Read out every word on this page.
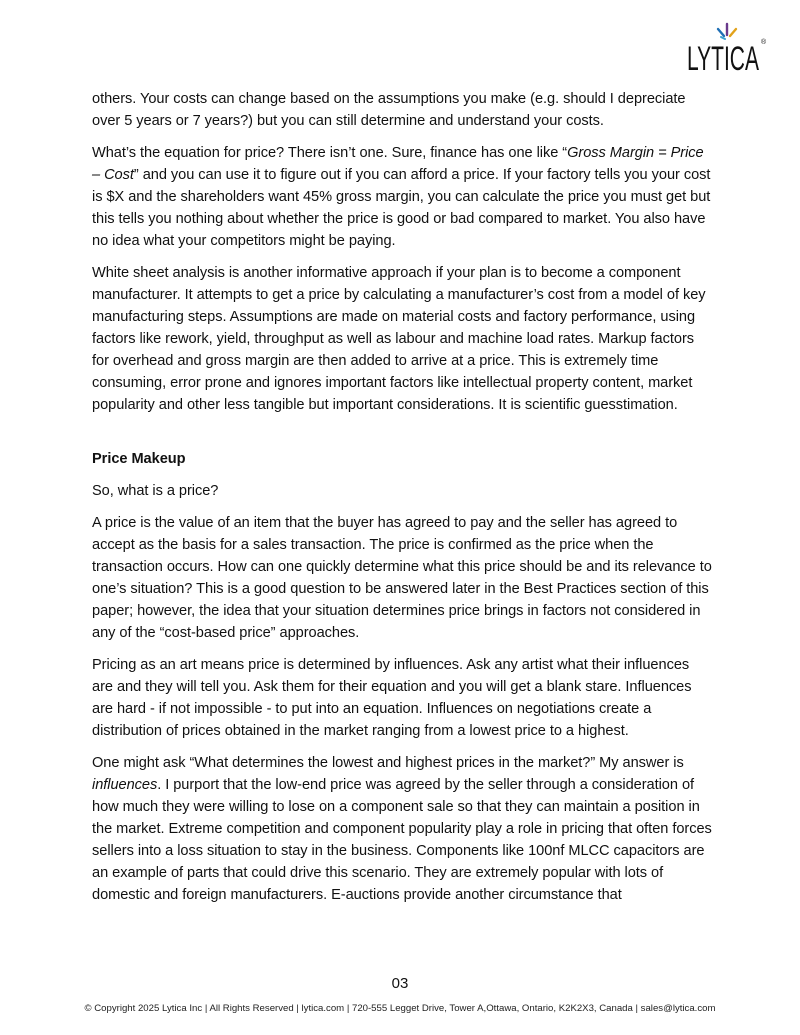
LYTICA ®

others. Your costs can change based on the assumptions you make (e.g. should I depreciate over 5 years or 7 years?) but you can still determine and understand your costs.

What’s the equation for price? There isn’t one. Sure, finance has one like “Gross Margin = Price – Cost” and you can use it to figure out if you can afford a price. If your factory tells you your cost is $X and the shareholders want 45% gross margin, you can calculate the price you must get but this tells you nothing about whether the price is good or bad compared to market. You also have no idea what your competitors might be paying.

White sheet analysis is another informative approach if your plan is to become a component manufacturer. It attempts to get a price by calculating a manufacturer’s cost from a model of key manufacturing steps. Assumptions are made on material costs and factory performance, using factors like rework, yield, throughput as well as labour and machine load rates. Markup factors for overhead and gross margin are then added to arrive at a price. This is extremely time consuming, error prone and ignores important factors like intellectual property content, market popularity and other less tangible but important considerations. It is scientific guesstimation.

Price Makeup

So, what is a price?

A price is the value of an item that the buyer has agreed to pay and the seller has agreed to accept as the basis for a sales transaction. The price is confirmed as the price when the transaction occurs. How can one quickly determine what this price should be and its relevance to one’s situation? This is a good question to be answered later in the Best Practices section of this paper; however, the idea that your situation determines price brings in factors not considered in any of the “cost-based price” approaches.

Pricing as an art means price is determined by influences. Ask any artist what their influences are and they will tell you. Ask them for their equation and you will get a blank stare. Influences are hard - if not impossible - to put into an equation. Influences on negotiations create a distribution of prices obtained in the market ranging from a lowest price to a highest.

One might ask “What determines the lowest and highest prices in the market?” My answer is influences. I purport that the low-end price was agreed by the seller through a consideration of how much they were willing to lose on a component sale so that they can maintain a position in the market. Extreme competition and component popularity play a role in pricing that often forces sellers into a loss situation to stay in the business. Components like 100nf MLCC capacitors are an example of parts that could drive this scenario. They are extremely popular with lots of domestic and foreign manufacturers. E-auctions provide another circumstance that

03
© Copyright 2025 Lytica Inc | All Rights Reserved | lytica.com | 720-555 Legget Drive, Tower A,Ottawa, Ontario, K2K2X3, Canada | sales@lytica.com
